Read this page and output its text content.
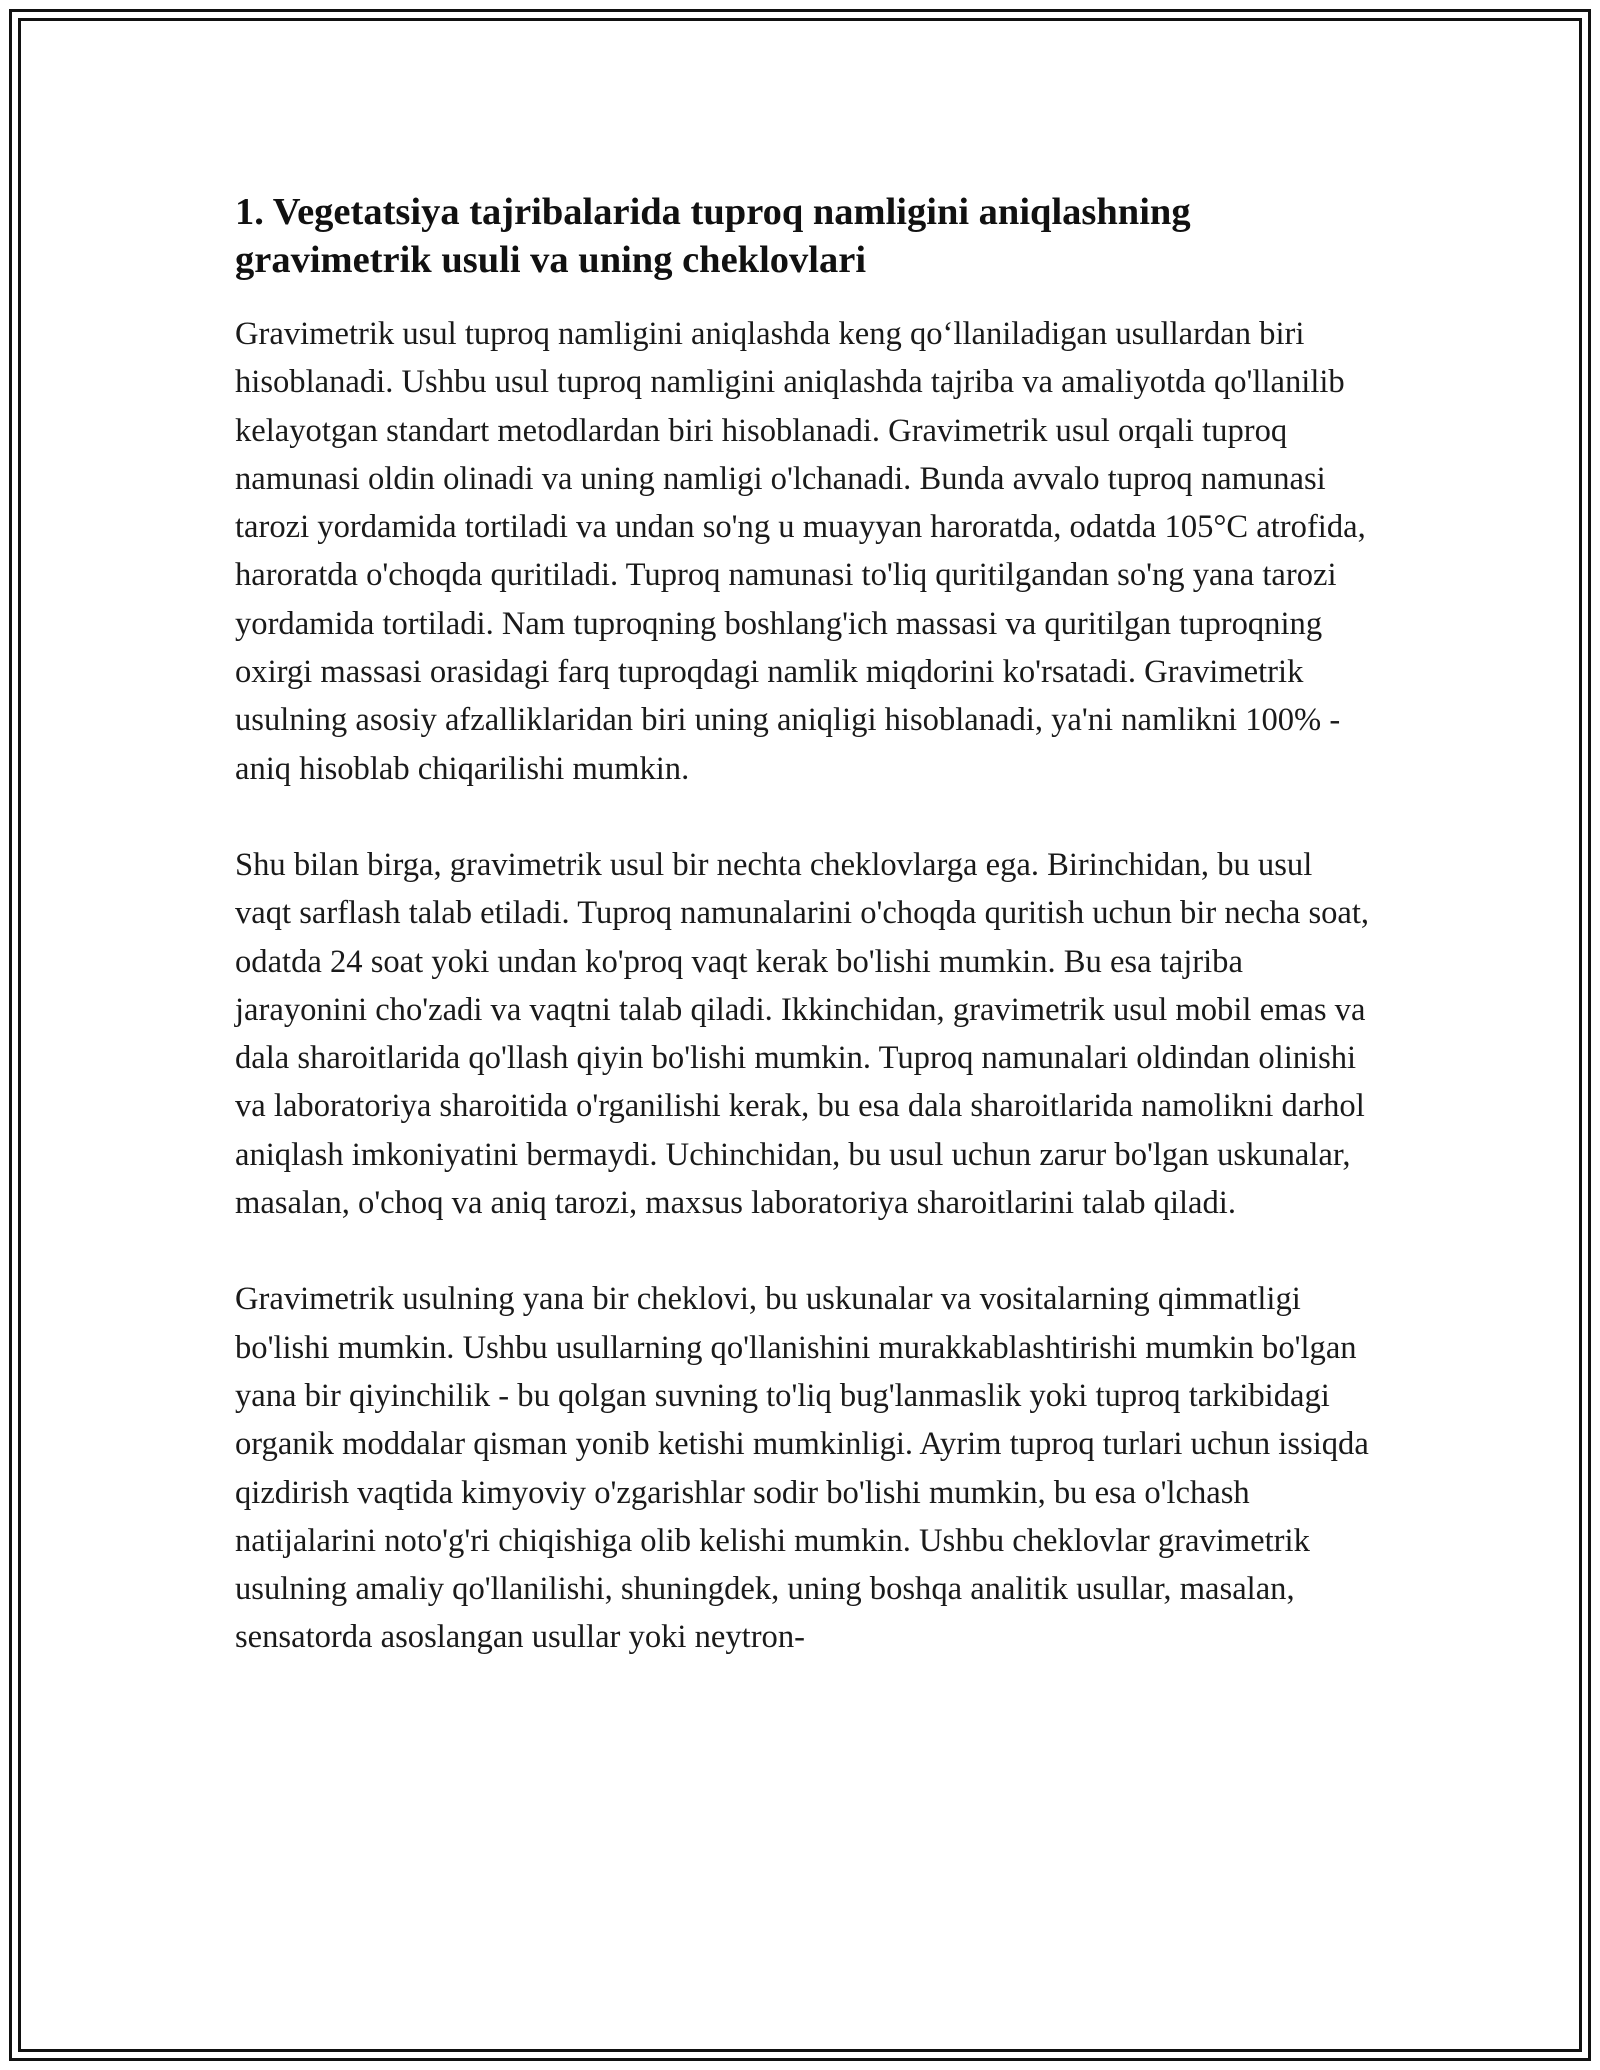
1. Vegetatsiya tajribalarida tuproq namligini aniqlashning gravimetrik usuli va uning cheklovlari

Gravimetrik usul tuproq namligini aniqlashda keng qo‘llaniladigan usullardan biri hisoblanadi. Ushbu usul tuproq namligini aniqlashda tajriba va amaliyotda qo'llanilib kelayotgan standart metodlardan biri hisoblanadi. Gravimetrik usul orqali tuproq namunasi oldin olinadi va uning namligi o'lchanadi. Bunda avvalo tuproq namunasi tarozi yordamida tortiladi va undan so'ng u muayyan haroratda, odatda 105°C atrofida, haroratda o'choqda quritiladi. Tuproq namunasi to'liq quritilgandan so'ng yana tarozi yordamida tortiladi. Nam tuproqning boshlang'ich massasi va quritilgan tuproqning oxirgi massasi orasidagi farq tuproqdagi namlik miqdorini ko'rsatadi. Gravimetrik usulning asosiy afzalliklaridan biri uning aniqligi hisoblanadi, ya'ni namlikni 100% - aniq hisoblab chiqarilishi mumkin.

Shu bilan birga, gravimetrik usul bir nechta cheklovlarga ega. Birinchidan, bu usul vaqt sarflash talab etiladi. Tuproq namunalarini o'choqda quritish uchun bir necha soat, odatda 24 soat yoki undan ko'proq vaqt kerak bo'lishi mumkin. Bu esa tajriba jarayonini cho'zadi va vaqtni talab qiladi. Ikkinchidan, gravimetrik usul mobil emas va dala sharoitlarida qo'llash qiyin bo'lishi mumkin. Tuproq namunalari oldindan olinishi va laboratoriya sharoitida o'rganilishi kerak, bu esa dala sharoitlarida namolikni darhol aniqlash imkoniyatini bermaydi. Uchinchidan, bu usul uchun zarur bo'lgan uskunalar, masalan, o'choq va aniq tarozi, maxsus laboratoriya sharoitlarini talab qiladi.

Gravimetrik usulning yana bir cheklovi, bu uskunalar va vositalarning qimmatligi bo'lishi mumkin. Ushbu usullarning qo'llanishini murakkablashtirishi mumkin bo'lgan yana bir qiyinchilik - bu qolgan suvning to'liq bug'lanmaslik yoki tuproq tarkibidagi organik moddalar qisman yonib ketishi mumkinligi. Ayrim tuproq turlari uchun issiqda qizdirish vaqtida kimyoviy o'zgarishlar sodir bo'lishi mumkin, bu esa o'lchash natijalarini noto'g'ri chiqishiga olib kelishi mumkin. Ushbu cheklovlar gravimetrik usulning amaliy qo'llanilishi, shuningdek, uning boshqa analitik usullar, masalan, sensatorda asoslangan usullar yoki neytron-
